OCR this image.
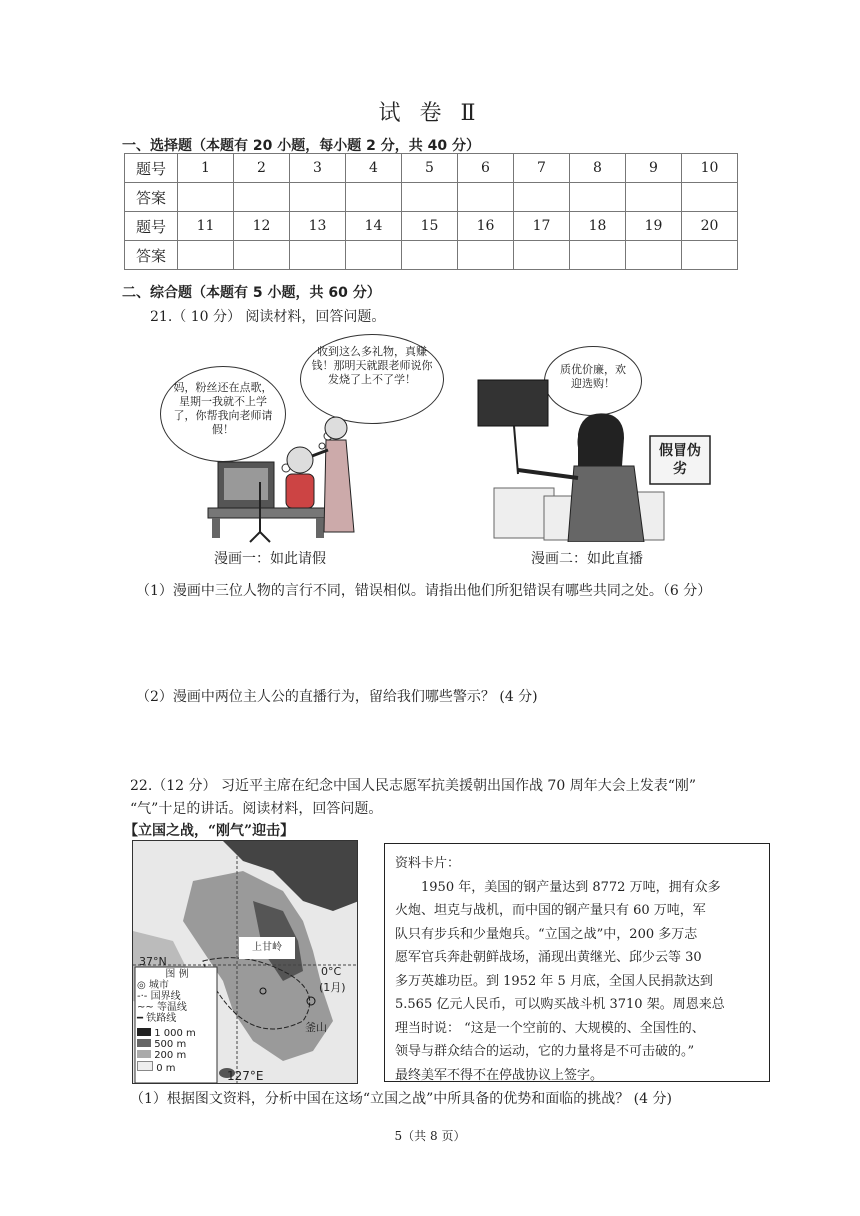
试 卷 Ⅱ
一、选择题（本题有 20 小题，每小题 2 分，共 40 分）
题号	1	2	3	4	5	6	7	8	9	10
答案										
题号	11	12	13	14	15	16	17	18	19	20
答案										
二、综合题（本题有 5 小题，共 60 分）
21.（ 10 分） 阅读材料，回答问题。
妈，粉丝还在点歌，星期一我就不上学了，你帮我向老师请假！
收到这么多礼物，真赚钱！那明天就跟老师说你发烧了上不了学！
漫画一：如此请假
质优价廉，欢迎选购！
假冒伪劣
漫画二：如此直播
（1）漫画中三位人物的言行不同，错误相似。请指出他们所犯错误有哪些共同之处。（6 分）
（2）漫画中两位主人公的直播行为，留给我们哪些警示？ (4 分)
22.（12 分） 习近平主席在纪念中国人民志愿军抗美援朝出国作战 70 周年大会上发表“刚”
“气”十足的讲话。阅读材料，回答问题。
【立国之战，“刚气”迎击】
上甘岭
37°N
0°C
(1月)
釜山
127°E
图 例
◎ 城市
-·- 国界线
~~ 等温线
━ 铁路线
1 000 m
500 m
200 m
0 m
资料卡片：
1950 年，美国的钢产量达到 8772 万吨，拥有众多
火炮、坦克与战机，而中国的钢产量只有 60 万吨，军
队只有步兵和少量炮兵。“立国之战”中，200 多万志
愿军官兵奔赴朝鲜战场，涌现出黄继光、邱少云等 30
多万英雄功臣。到 1952 年 5 月底，全国人民捐款达到
5.565 亿元人民币，可以购买战斗机 3710 架。周恩来总
理当时说： “这是一个空前的、大规模的、全国性的、
领导与群众结合的运动，它的力量将是不可击破的。”
最终美军不得不在停战协议上签字。
（1）根据图文资料，分析中国在这场“立国之战”中所具备的优势和面临的挑战？ (4 分)
5（共 8 页）
